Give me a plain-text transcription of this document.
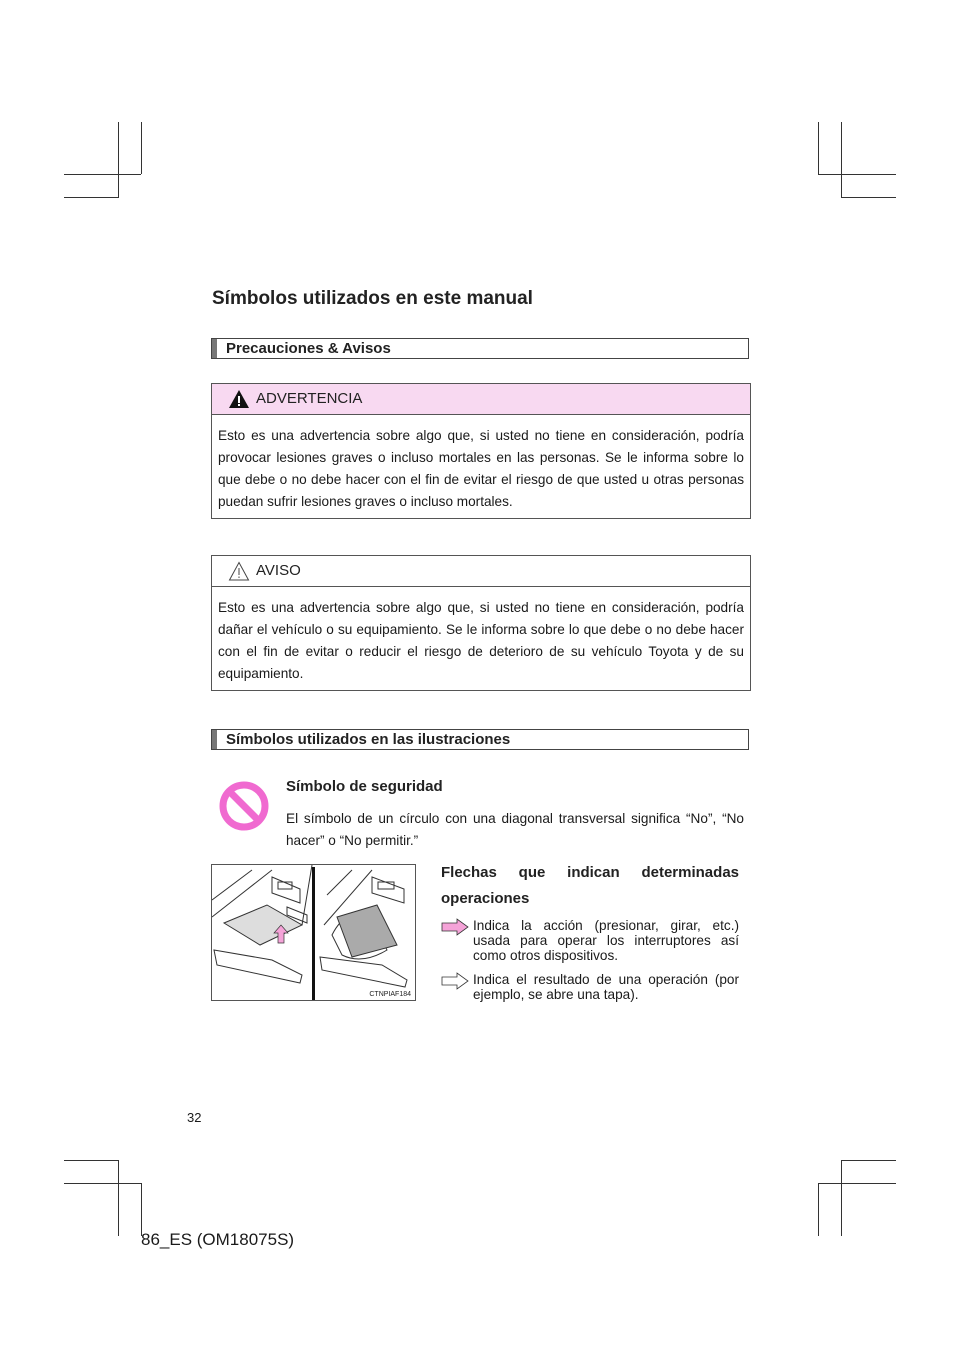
Símbolos utilizados en este manual
Precauciones & Avisos
ADVERTENCIA
Esto es una advertencia sobre algo que, si usted no tiene en consideración, podría provocar lesiones graves o incluso mortales en las personas. Se le informa sobre lo que debe o no debe hacer con el fin de evitar el riesgo de que usted u otras personas puedan sufrir lesiones graves o incluso mortales.
AVISO
Esto es una advertencia sobre algo que, si usted no tiene en consideración, podría dañar el vehículo o su equipamiento. Se le informa sobre lo que debe o no debe hacer con el fin de evitar o reducir el riesgo de deterioro de su vehículo Toyota y de su equipamiento.
Símbolos utilizados en las ilustraciones
Símbolo de seguridad
El símbolo de un círculo con una diagonal transversal significa “No”, “No hacer” o “No permitir.”
CTNPIAF184
Flechas que indican determinadas operaciones
Indica la acción (presionar, girar, etc.) usada para operar los interruptores así como otros dispositivos.
Indica el resultado de una operación (por ejemplo, se abre una tapa).
32
86_ES (OM18075S)
